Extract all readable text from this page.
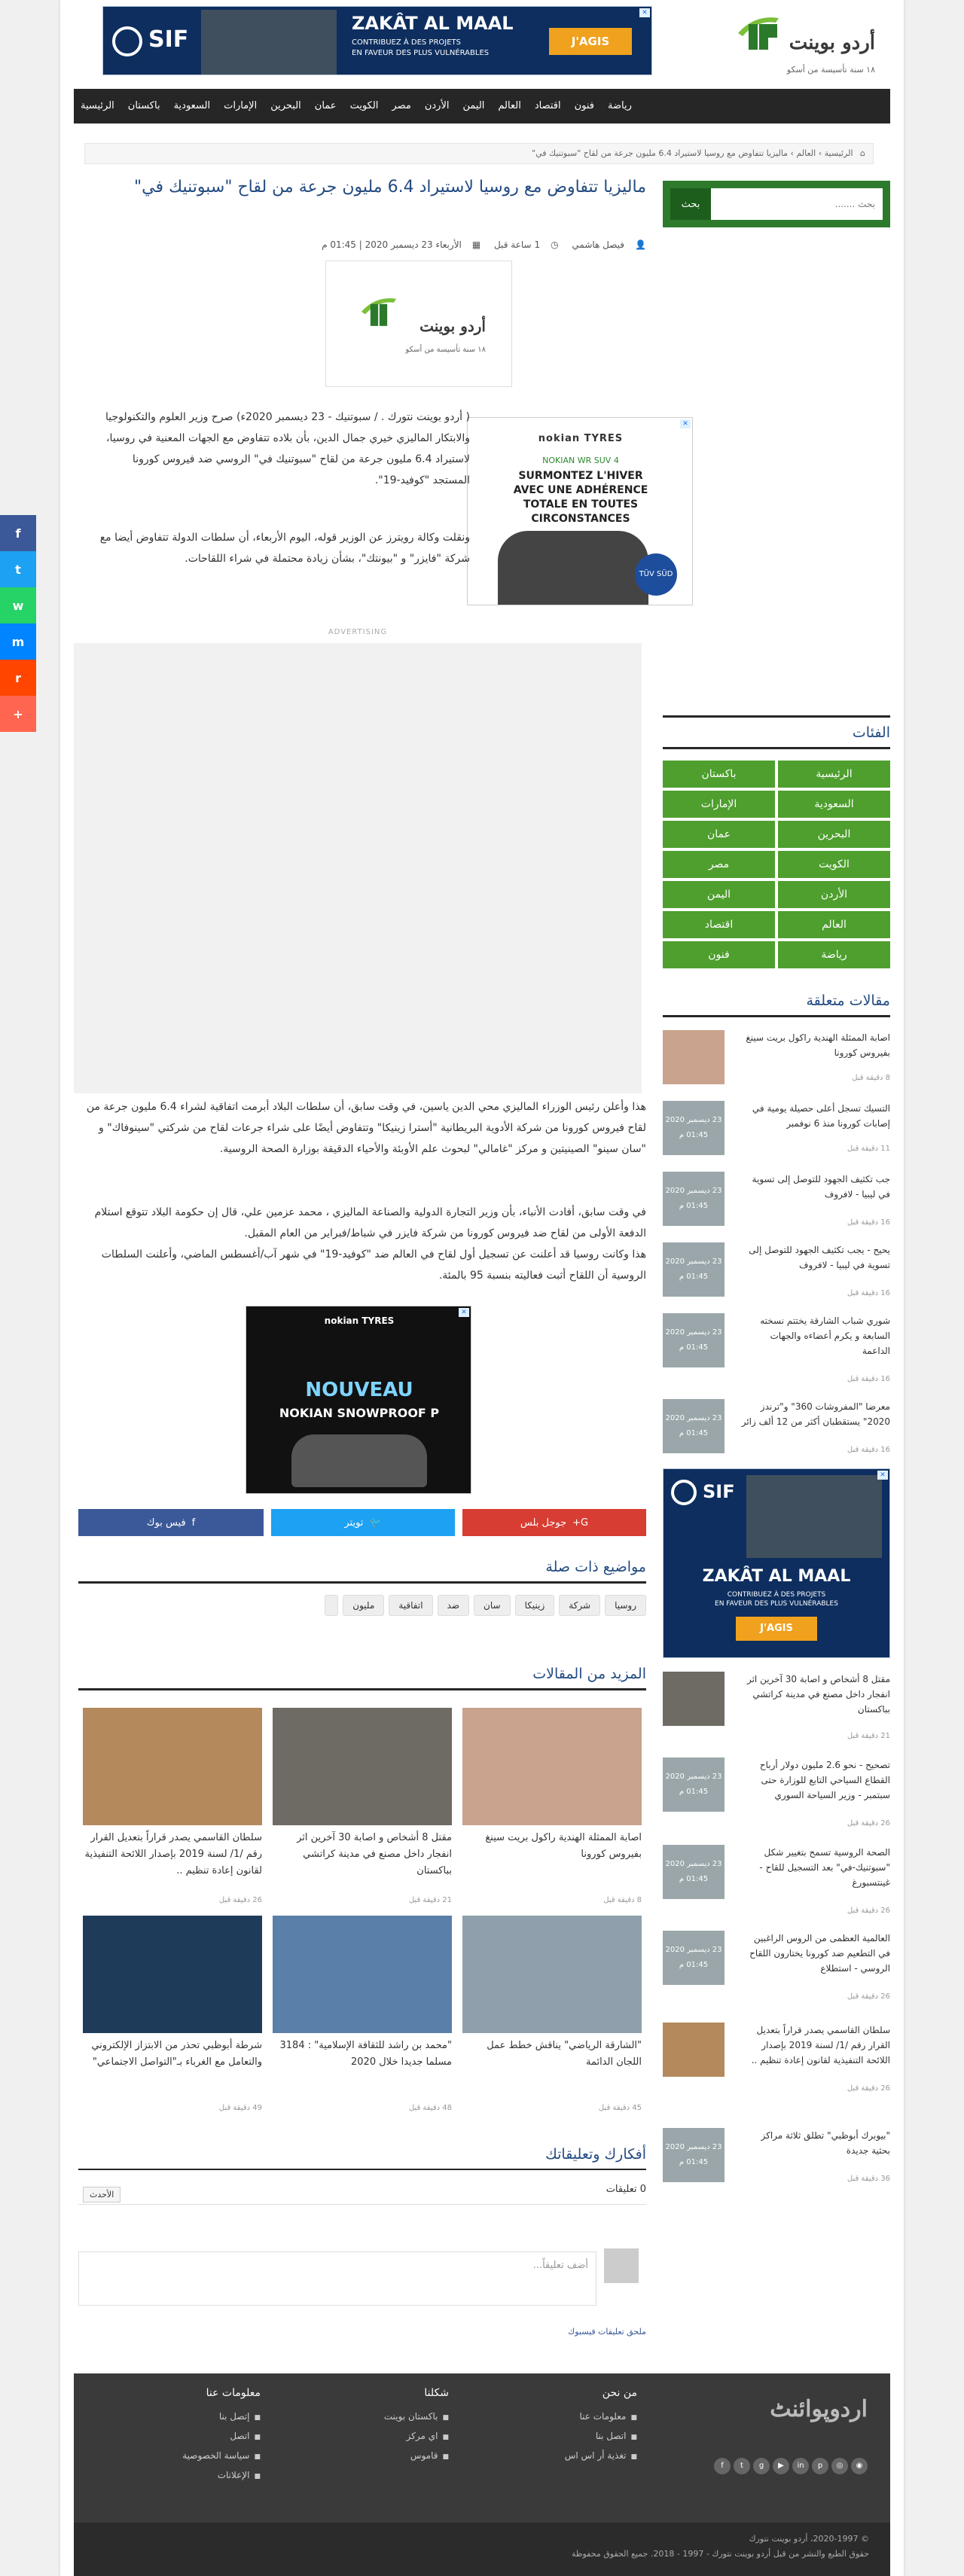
أردو بوينت
١٨ سنة تأسيسة من أسكو
SIF
ZAKÂT AL MAAL
CONTRIBUEZ À DES PROJETS
EN FAVEUR DES PLUS VULNÉRABLES
J'AGIS
✕
الرئيسية	باكستان	السعودية	الإمارات	البحرين	عمان	الكويت	مصر	الأردن	اليمن	العالم	اقتصاد	فنون	رياضة
⌂ الرئيسية › العالم › ماليزيا تتفاوض مع روسيا لاستيراد 6.4 مليون جرعة من لقاح "سبوتنيك في"
ماليزيا تتفاوض مع روسيا لاستيراد 6.4 مليون جرعة من لقاح "سبوتنيك في"
👤فيصل هاشمي ◷1 ساعة قبل ▦الأربعاء 23 ديسمبر 2020 | 01:45 م
أردو بوينت
١٨ سنة تأسيسة من أسكو
nokian TYRES
NOKIAN WR SUV 4
SURMONTEZ L'HIVER
AVEC UNE ADHÉRENCE
TOTALE EN TOUTES
CIRCONSTANCES
TÜV SÜD
✕
( أردو بوينت نتورك . / سبوتنيك - 23 ديسمبر 2020ء) صرح وزير العلوم والتكنولوجيا والابتكار الماليزي خيري جمال الدين، بأن بلاده تتفاوض مع الجهات المعنية في روسيا، لاستيراد 6.4 مليون جرعة من لقاح "سبوتنيك في" الروسي ضد فيروس كورونا المستجد "كوفيد-19".
ونقلت وكالة رويترز عن الوزير قوله، اليوم الأربعاء، أن سلطات الدولة تتفاوض أيضا مع شركة "فايزر" و "بيونتك"، بشأن زيادة محتملة في شراء اللقاحات.
ADVERTISING
هذا وأعلن رئيس الوزراء الماليزي محي الدين ياسين، في وقت سابق، أن سلطات البلاد أبرمت اتفاقية لشراء 6.4 مليون جرعة من لقاح فيروس كورونا من شركة الأدوية البريطانية "أسترا زينيكا" وتتفاوض أيضًا على شراء جرعات لقاح من شركتي "سينوفاك" و "سان سينو" الصينيتين و مركز "غامالي" لبحوث علم الأوبئة والأحياء الدقيقة بوزارة الصحة الروسية.
في وقت سابق، أفادت الأنباء، بأن وزير التجارة الدولية والصناعة الماليزي ، محمد عزمين علي، قال إن حكومة البلاد تتوقع استلام الدفعة الأولى من لقاح ضد فيروس كورونا من شركة فايزر في شباط/فبراير من العام المقبل.
هذا وكانت روسيا قد أعلنت عن تسجيل أول لقاح في العالم ضد "كوفيد-19" في شهر آب/أغسطس الماضي، وأعلنت السلطات الروسية أن اللقاح أثبت فعاليته بنسبة 95 بالمئة.
nokian TYRES
NOUVEAU
NOKIAN SNOWPROOF P
✕
G+
جوجل بلس
🐦
تويتر
f
فيس بوك
مواضيع ذات صلة
روسيا
شركة
زينيكا
سان
ضد
اتفاقية
مليون
المزيد من المقالات
اصابة الممثلة الهندية راكول بريت سينغ بفيروس كورونا
8 دقيقة قبل
مقتل 8 أشخاص و اصابة 30 آخرين اثر انفجار داخل مصنع في مدينة كراتشي بباكستان
21 دقيقة قبل
سلطان القاسمي يصدر قراراً بتعديل القرار رقم /1/ لسنة 2019 بإصدار اللائحة التنفيذية لقانون إعادة تنظيم ..
26 دقيقة قبل
"الشارقة الرياضي" يناقش خطط عمل اللجان الدائمة
45 دقيقة قبل
"محمد بن راشد للثقافة الإسلامية" : 3184 مسلما جديدا خلال 2020
48 دقيقة قبل
شرطة أبوظبي تحذر من الابتزاز الإلكتروني والتعامل مع الغرباء بـ"التواصل الاجتماعي"
49 دقيقة قبل
أفكارك وتعليقاتك
0 تعليقات
الأحدث
أضف تعليقاً...
ملحق تعليقات فيسبوك
بحث .......
بحث
الفئات
الرئيسية
باكستان
السعودية
الإمارات
البحرين
عمان
الكويت
مصر
الأردن
اليمن
العالم
اقتصاد
رياضة
فنون
مقالات متعلقة
اصابة الممثلة الهندية راكول بريت سينغ بفيروس كورونا
8 دقيقة قبل
التسيك تسجل أعلى حصيلة يومية في إصابات كورونا منذ 6 نوفمبر
11 دقيقة قبل
23 ديسمبر 2020 01:45 م
جب تكثيف الجهود للتوصل إلى تسوية في ليبيا - لافروف
16 دقيقة قبل
23 ديسمبر 2020 01:45 م
يحيح - يجب تكثيف الجهود للتوصل إلى تسوية في ليبيا - لافروف
16 دقيقة قبل
23 ديسمبر 2020 01:45 م
شوري شباب الشارقة يختتم نسخته السابعة و يكرم أعضاءه والجهات الداعمة
16 دقيقة قبل
23 ديسمبر 2020 01:45 م
معرضا "المفروشات 360" و"ترندز 2020" يستقطبان أكثر من 12 ألف زائر
16 دقيقة قبل
23 ديسمبر 2020 01:45 م
SIF
ZAKÂT AL MAAL
CONTRIBUEZ À DES PROJETS
EN FAVEUR DES PLUS VULNÉRABLES
J'AGIS
✕
مقتل 8 أشخاص و اصابة 30 آخرين اثر انفجار داخل مصنع في مدينة كراتشي بباكستان
21 دقيقة قبل
تصحيح - نحو 2.6 مليون دولار أرباح القطاع السياحي التابع للوزارة حتى سبتمبر - وزير السياحة السوري
26 دقيقة قبل
23 ديسمبر 2020 01:45 م
الصحة الروسية تسمح بتغيير شكل "سبوتنيك-في" بعد التسجيل للقاح - غينتسبورغ
26 دقيقة قبل
23 ديسمبر 2020 01:45 م
العالمية العظمى من الروس الراغبين في التطعيم ضد كورونا يختارون اللقاح الروسي - استطلاع
26 دقيقة قبل
23 ديسمبر 2020 01:45 م
سلطان القاسمي يصدر قراراً بتعديل القرار رقم /1/ لسنة 2019 بإصدار اللائحة التنفيذية لقانون إعادة تنظيم ..
26 دقيقة قبل
"بيوبرك أبوظبي" تطلق ثلاثة مراكز بحثية جديدة
36 دقيقة قبل
23 ديسمبر 2020 01:45 م
اردوپوائنٹ
f t g ▶ in p ◎ ◉
من نحن
■ معلومات عنا
■ اتصل بنا
■ تغذية أر اس اس
شكلنا
■ باكستان بوينت
■ اي مركز
■ قاموس
معلومات عنا
■ إتصل بنا
■ اتصل
■ سياسة الخصوصية
■ الإعلانات
© 2020-1997، أردو بوينت نتورك
حقوق الطبع والنشر من قبل أردو بوينت نتورك - 1997 - 2018. جميع الحقوق محفوظة
f
t
w
m
r
+
